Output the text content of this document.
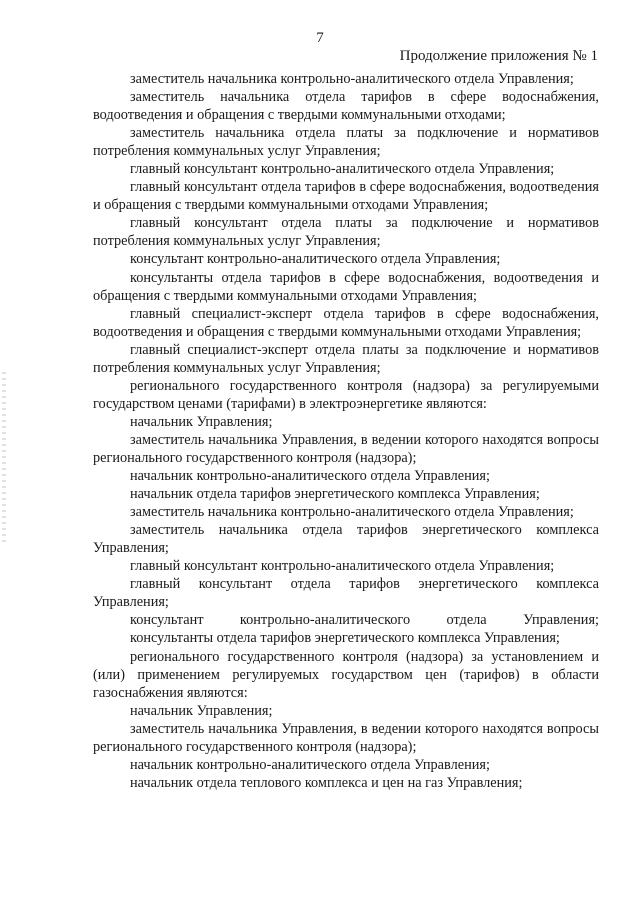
7
Продолжение приложения № 1

заместитель начальника контрольно-аналитического отдела Управления;

заместитель начальника отдела тарифов в сфере водоснабжения, водоотведения и обращения с твердыми коммунальными отходами;

заместитель начальника отдела платы за подключение и нормативов потребления коммунальных услуг Управления;

главный консультант контрольно-аналитического отдела Управления;

главный консультант отдела тарифов в сфере водоснабжения, водоотведения и обращения с твердыми коммунальными отходами Управления;

главный консультант отдела платы за подключение и нормативов потребления коммунальных услуг Управления;

консультант контрольно-аналитического отдела Управления;

консультанты отдела тарифов в сфере водоснабжения, водоотведения и обращения с твердыми коммунальными отходами Управления;

главный специалист-эксперт отдела тарифов в сфере водоснабжения, водоотведения и обращения с твердыми коммунальными отходами Управления;

главный специалист-эксперт отдела платы за подключение и нормативов потребления коммунальных услуг Управления;

регионального государственного контроля (надзора) за регулируемыми государством ценами (тарифами) в электроэнергетике являются:

начальник Управления;

заместитель начальника Управления, в ведении которого находятся вопросы регионального государственного контроля (надзора);

начальник контрольно-аналитического отдела Управления;

начальник отдела тарифов энергетического комплекса Управления;

заместитель начальника контрольно-аналитического отдела Управления;

заместитель начальника отдела тарифов энергетического комплекса Управления;

главный консультант контрольно-аналитического отдела Управления;

главный консультант отдела тарифов энергетического комплекса Управления;

консультант контрольно-аналитического отдела Управления;

консультанты отдела тарифов энергетического комплекса Управления;

регионального государственного контроля (надзора) за установлением и (или) применением регулируемых государством цен (тарифов) в области газоснабжения являются:

начальник Управления;

заместитель начальника Управления, в ведении которого находятся вопросы регионального государственного контроля (надзора);

начальник контрольно-аналитического отдела Управления;

начальник отдела теплового комплекса и цен на газ Управления;
